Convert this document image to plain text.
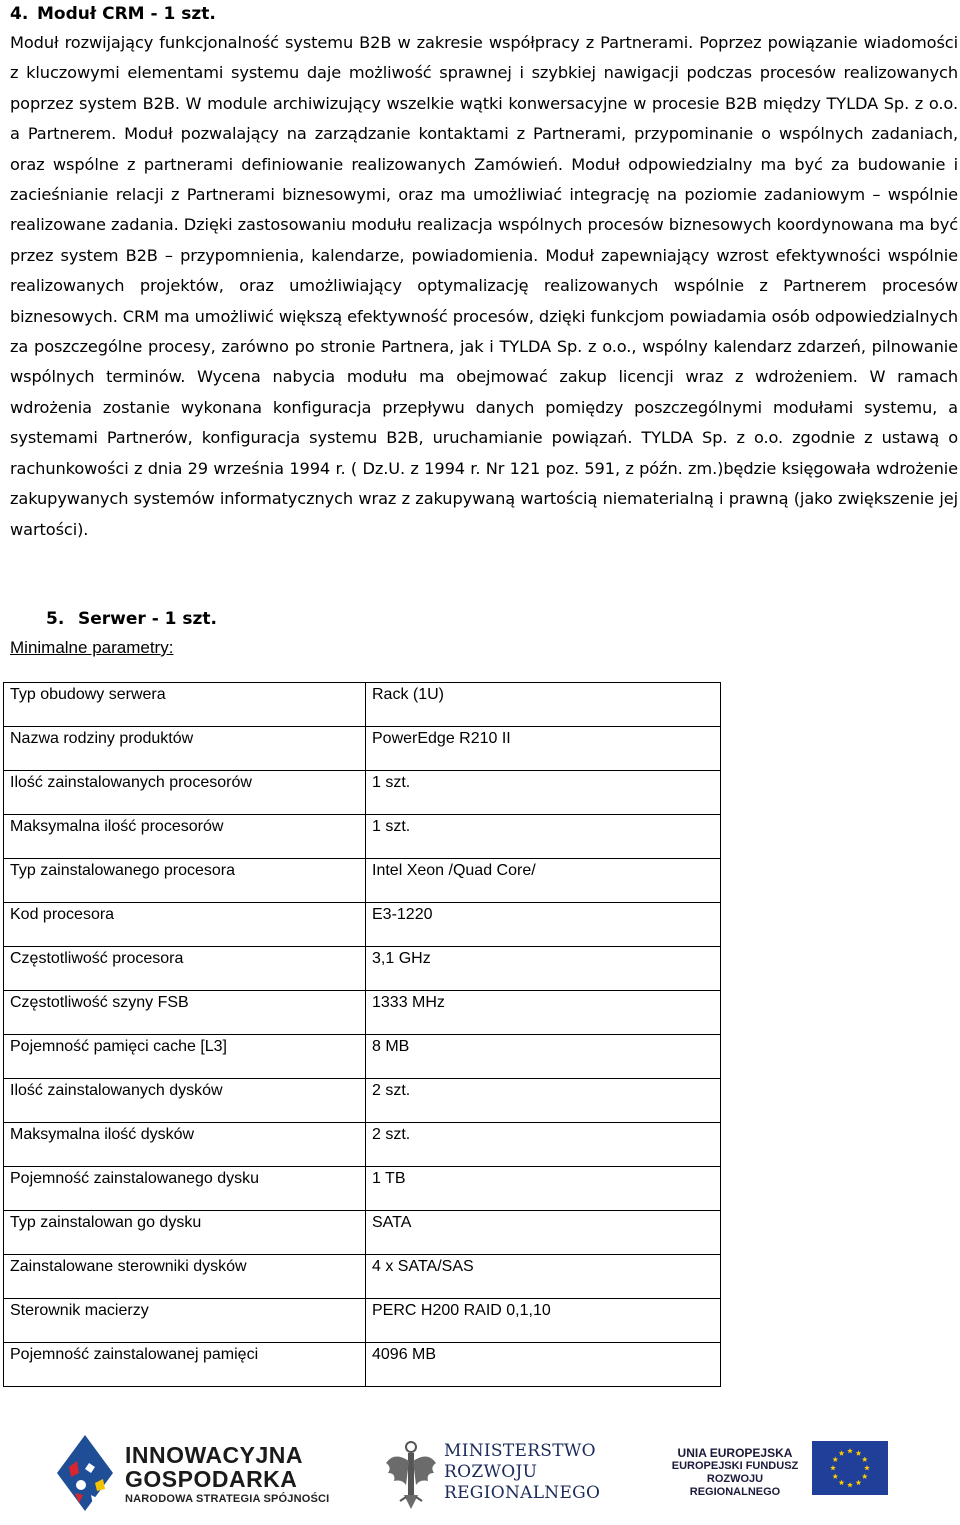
4. Moduł CRM - 1 szt.
Moduł rozwijający funkcjonalność systemu B2B w zakresie współpracy z Partnerami. Poprzez powiązanie wiadomości z kluczowymi elementami systemu daje możliwość sprawnej i szybkiej nawigacji podczas procesów realizowanych poprzez system B2B. W module archiwizujący wszelkie wątki konwersacyjne w procesie B2B między TYLDA Sp. z o.o. a Partnerem. Moduł pozwalający na zarządzanie kontaktami z Partnerami, przypominanie o wspólnych zadaniach, oraz wspólne z partnerami definiowanie realizowanych Zamówień. Moduł odpowiedzialny ma być za budowanie i zacieśnianie relacji z Partnerami biznesowymi, oraz ma umożliwiać integrację na poziomie zadaniowym – wspólnie realizowane zadania. Dzięki zastosowaniu modułu realizacja wspólnych procesów biznesowych koordynowana ma być przez system B2B – przypomnienia, kalendarze, powiadomienia. Moduł zapewniający wzrost efektywności wspólnie realizowanych projektów, oraz umożliwiający optymalizację realizowanych wspólnie z Partnerem procesów biznesowych. CRM ma umożliwić większą efektywność procesów, dzięki funkcjom powiadamia osób odpowiedzialnych za poszczególne procesy, zarówno po stronie Partnera, jak i TYLDA Sp. z o.o., wspólny kalendarz zdarzeń, pilnowanie wspólnych terminów. Wycena nabycia modułu ma obejmować zakup licencji wraz z wdrożeniem. W ramach wdrożenia zostanie wykonana konfiguracja przepływu danych pomiędzy poszczególnymi modułami systemu, a systemami Partnerów, konfiguracja systemu B2B, uruchamianie powiązań. TYLDA Sp. z o.o. zgodnie z ustawą o rachunkowości z dnia 29 września 1994 r. ( Dz.U. z 1994 r. Nr 121 poz. 591, z późn. zm.)będzie księgowała wdrożenie zakupywanych systemów informatycznych wraz z zakupywaną wartością niematerialną i prawną (jako zwiększenie jej wartości).
5. Serwer - 1 szt.
Minimalne parametry:
Typ obudowy serwera	Rack (1U)
Nazwa rodziny produktów	PowerEdge R210 II
Ilość zainstalowanych procesorów	1 szt.
Maksymalna ilość procesorów	1 szt.
Typ zainstalowanego procesora	Intel Xeon /Quad Core/
Kod procesora	E3-1220
Częstotliwość procesora	3,1 GHz
Częstotliwość szyny FSB	1333 MHz
Pojemność pamięci cache [L3]	8 MB
Ilość zainstalowanych dysków	2 szt.
Maksymalna ilość dysków	2 szt.
Pojemność zainstalowanego dysku	1 TB
Typ zainstalowan go dysku	SATA
Zainstalowane sterowniki dysków	4 x SATA/SAS
Sterownik macierzy	PERC H200 RAID 0,1,10
Pojemność zainstalowanej pamięci	4096 MB
INNOWACYJNA
GOSPODARKA
NARODOWA STRATEGIA SPÓJNOŚCI
MINISTERSTWO
ROZWOJU
REGIONALNEGO
UNIA EUROPEJSKA
EUROPEJSKI FUNDUSZ
ROZWOJU REGIONALNEGO
